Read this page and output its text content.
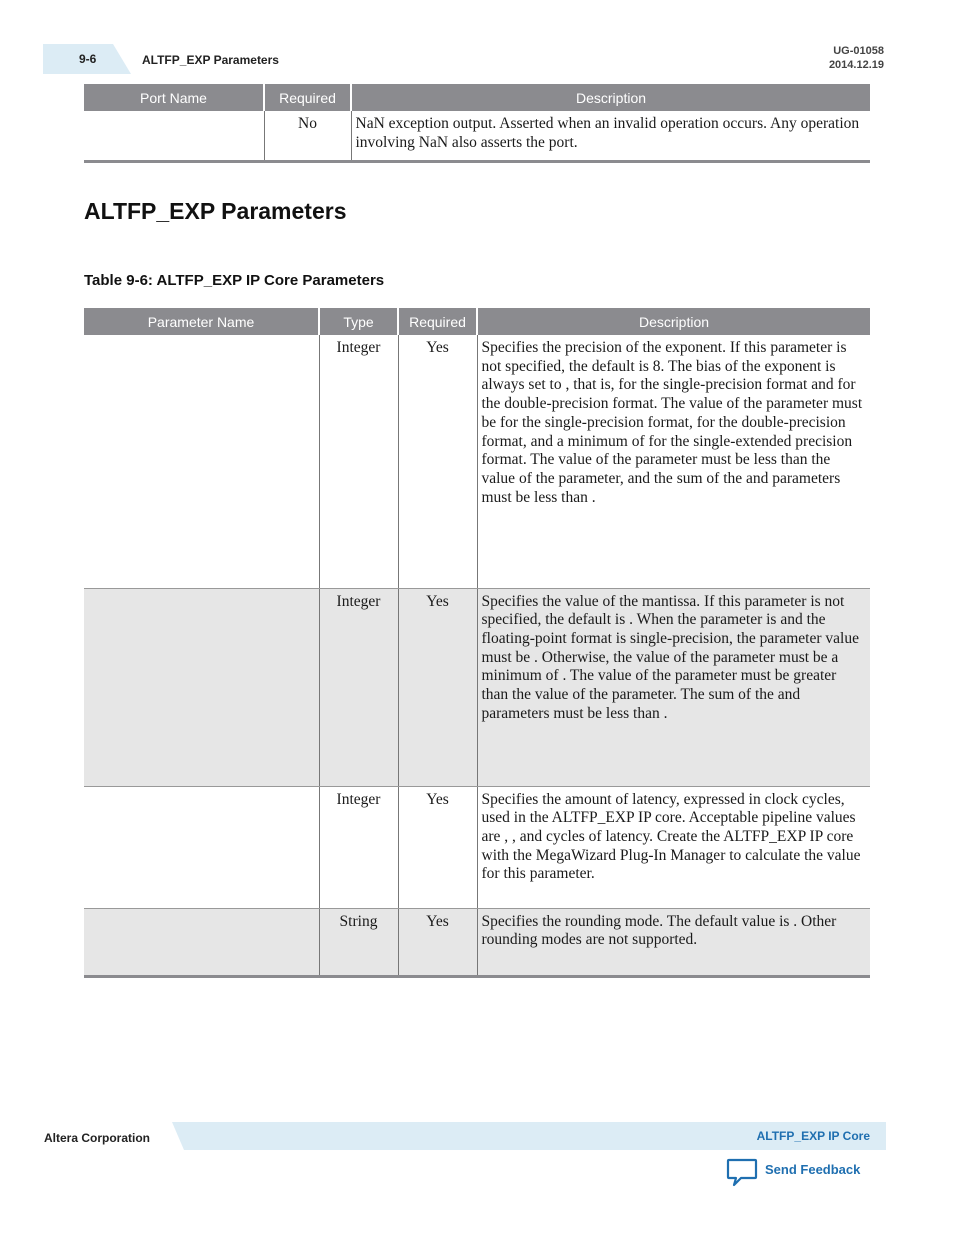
9-6	ALTFP_EXP Parameters
UG-01058
2014.12.19
Port Name	Required	Description
	No	NaN exception output. Asserted when an invalid operation occurs. Any operation involving NaN also asserts the port.
ALTFP_EXP Parameters
Table 9-6: ALTFP_EXP IP Core Parameters
Parameter Name	Type	Required	Description
	Integer	Yes	Specifies the precision of the exponent. If this parameter is not specified, the default is 8. The bias of the exponent is always set to , that is, for the single-precision format and for the double-precision format. The value of the parameter must be for the single-precision format, for the double-precision format, and a minimum of for the single-extended precision format. The value of the parameter must be less than the value of the parameter, and the sum of the and parameters must be less than .
	Integer	Yes	Specifies the value of the mantissa. If this parameter is not specified, the default is . When the parameter is and the floating-point format is single-precision, the parameter value must be . Otherwise, the value of the parameter must be a minimum of . The value of the parameter must be greater than the value of the parameter. The sum of the and parameters must be less than .
	Integer	Yes	Specifies the amount of latency, expressed in clock cycles, used in the ALTFP_EXP IP core. Acceptable pipeline values are , , and cycles of latency. Create the ALTFP_EXP IP core with the MegaWizard Plug-In Manager to calculate the value for this parameter.
	String	Yes	Specifies the rounding mode. The default value is . Other rounding modes are not supported.
Altera Corporation	ALTFP_EXP IP Core
Send Feedback
